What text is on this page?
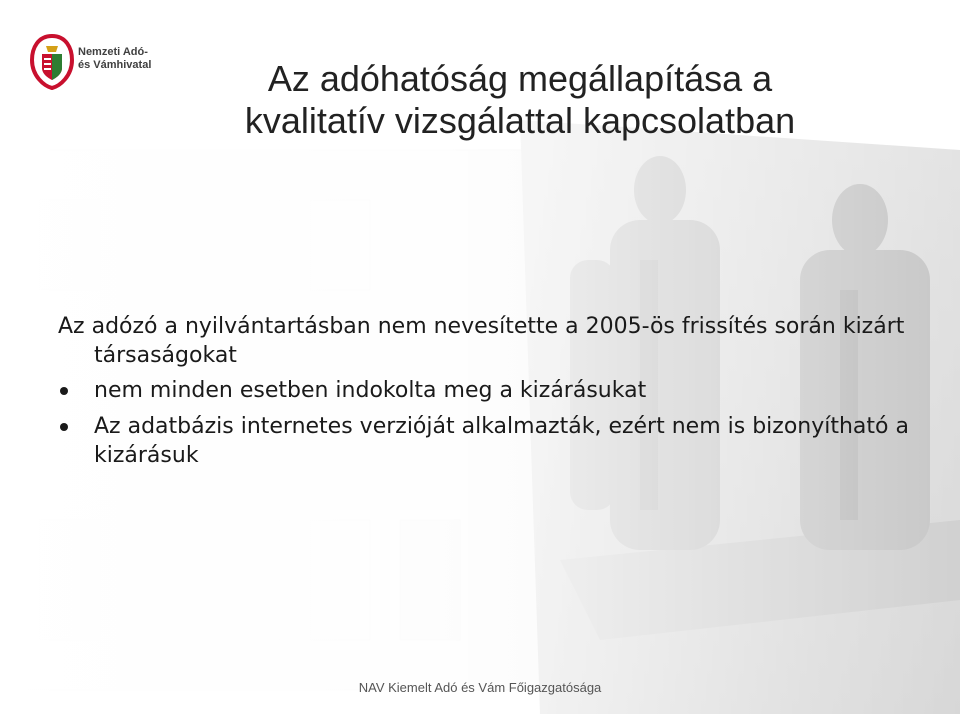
Nemzeti Adó-
és Vámhivatal	Az adóhatóság megállapítása a
kvalitatív vizsgálattal kapcsolatban

Az adózó a nyilvántartásban nem nevesítette a 2005-ös frissítés során kizárt társaságokat

nem minden esetben indokolta meg a kizárásukat
Az adatbázis internetes verzióját alkalmazták, ezért nem is bizonyítható a kizárásuk
NAV Kiemelt Adó és Vám Főigazgatósága
